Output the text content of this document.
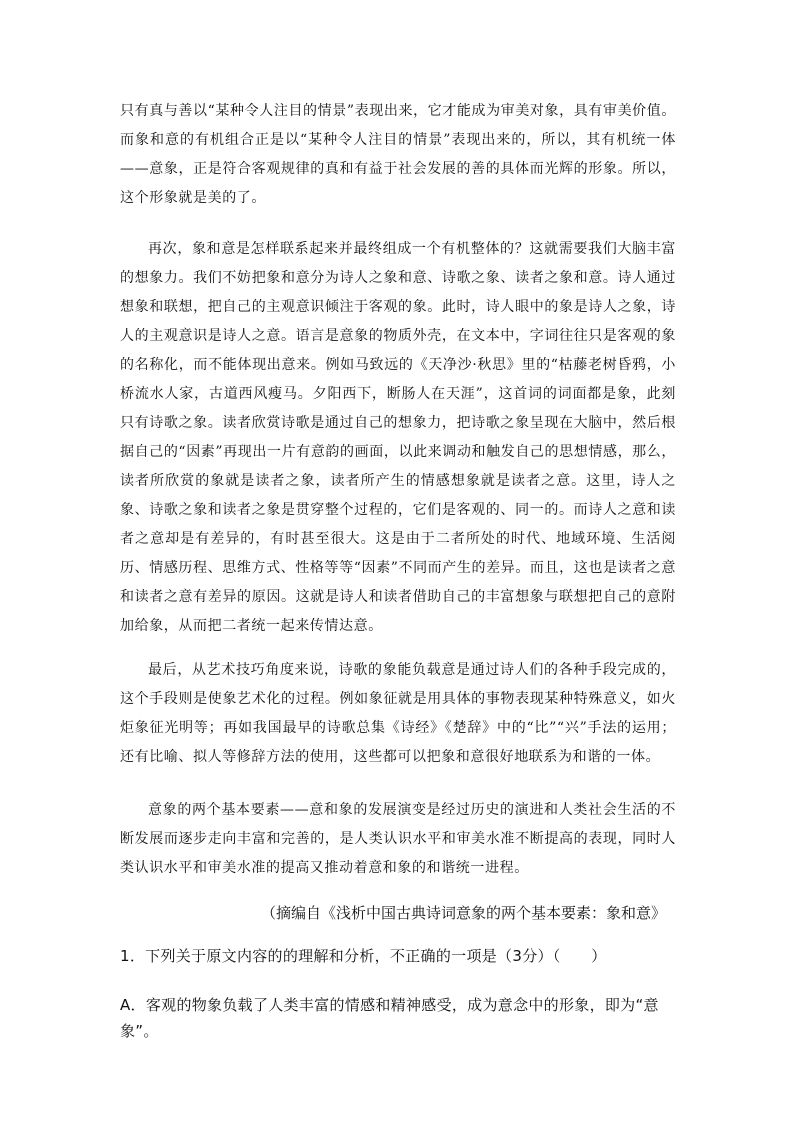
只有真与善以“某种令人注目的情景”表现出来，它才能成为审美对象，具有审美价值。而象和意的有机组合正是以“某种令人注目的情景”表现出来的，所以，其有机统一体——意象，正是符合客观规律的真和有益于社会发展的善的具体而光辉的形象。所以，这个形象就是美的了。

再次，象和意是怎样联系起来并最终组成一个有机整体的？这就需要我们大脑丰富的想象力。我们不妨把象和意分为诗人之象和意、诗歌之象、读者之象和意。诗人通过想象和联想，把自己的主观意识倾注于客观的象。此时，诗人眼中的象是诗人之象，诗人的主观意识是诗人之意。语言是意象的物质外壳，在文本中，字词往往只是客观的象的名称化，而不能体现出意来。例如马致远的《天净沙·秋思》里的“枯藤老树昏鸦，小桥流水人家，古道西风瘦马。夕阳西下，断肠人在天涯”，这首词的词面都是象，此刻只有诗歌之象。读者欣赏诗歌是通过自己的想象力，把诗歌之象呈现在大脑中，然后根据自己的“因素”再现出一片有意韵的画面，以此来调动和触发自己的思想情感，那么，读者所欣赏的象就是读者之象，读者所产生的情感想象就是读者之意。这里，诗人之象、诗歌之象和读者之象是贯穿整个过程的，它们是客观的、同一的。而诗人之意和读者之意却是有差异的，有时甚至很大。这是由于二者所处的时代、地域环境、生活阅历、情感历程、思维方式、性格等等“因素”不同而产生的差异。而且，这也是读者之意和读者之意有差异的原因。这就是诗人和读者借助自己的丰富想象与联想把自己的意附加给象，从而把二者统一起来传情达意。

最后，从艺术技巧角度来说，诗歌的象能负载意是通过诗人们的各种手段完成的，这个手段则是使象艺术化的过程。例如象征就是用具体的事物表现某种特殊意义，如火炬象征光明等；再如我国最早的诗歌总集《诗经》《楚辞》中的“比”“兴”手法的运用；还有比喻、拟人等修辞方法的使用，这些都可以把象和意很好地联系为和谐的一体。

意象的两个基本要素——意和象的发展演变是经过历史的演进和人类社会生活的不断发展而逐步走向丰富和完善的，是人类认识水平和审美水准不断提高的表现，同时人类认识水平和审美水准的提高又推动着意和象的和谐统一进程。

（摘编自《浅析中国古典诗词意象的两个基本要素：象和意》

1．下列关于原文内容的的理解和分析，不正确的一项是（3分）（　　）

A．客观的物象负载了人类丰富的情感和精神感受，成为意念中的形象，即为“意象”。
